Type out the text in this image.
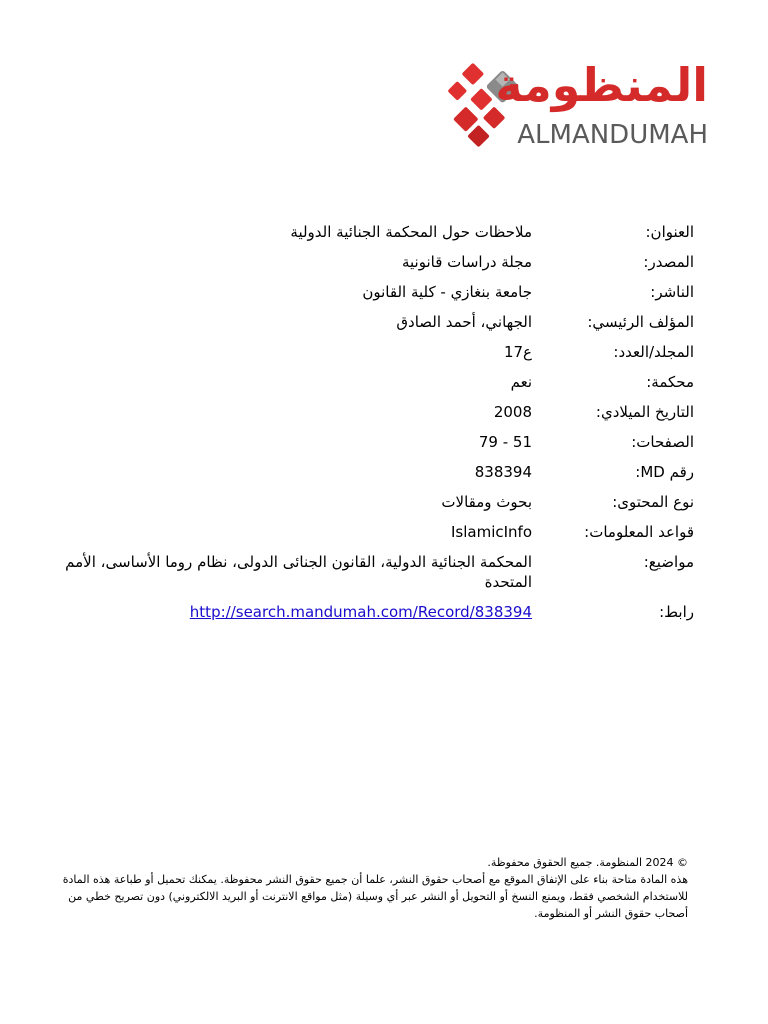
المنظومة
ALMANDUMAH
العنوان:
ملاحظات حول المحكمة الجنائية الدولية
المصدر:
مجلة دراسات قانونية
الناشر:
جامعة بنغازي - كلية القانون
المؤلف الرئيسي:
الجهاني، أحمد الصادق
المجلد/العدد:
ع17
محكمة:
نعم
التاريخ الميلادي:
2008
الصفحات:
51 - 79
رقم MD:
838394
نوع المحتوى:
بحوث ومقالات
قواعد المعلومات:
IslamicInfo
مواضيع:
المحكمة الجنائية الدولية، القانون الجنائى الدولى، نظام روما الأساسى، الأمم المتحدة
رابط:
http://search.mandumah.com/Record/838394
© 2024 المنظومة. جميع الحقوق محفوظة.
هذه المادة متاحة بناء على الإتفاق الموقع مع أصحاب حقوق النشر، علما أن جميع حقوق النشر محفوظة. يمكنك تحميل أو طباعة هذه المادة للاستخدام الشخصي فقط، ويمنع النسخ أو التحويل أو النشر عبر أي وسيلة (مثل مواقع الانترنت أو البريد الالكتروني) دون تصريح خطي من أصحاب حقوق النشر أو المنظومة.
